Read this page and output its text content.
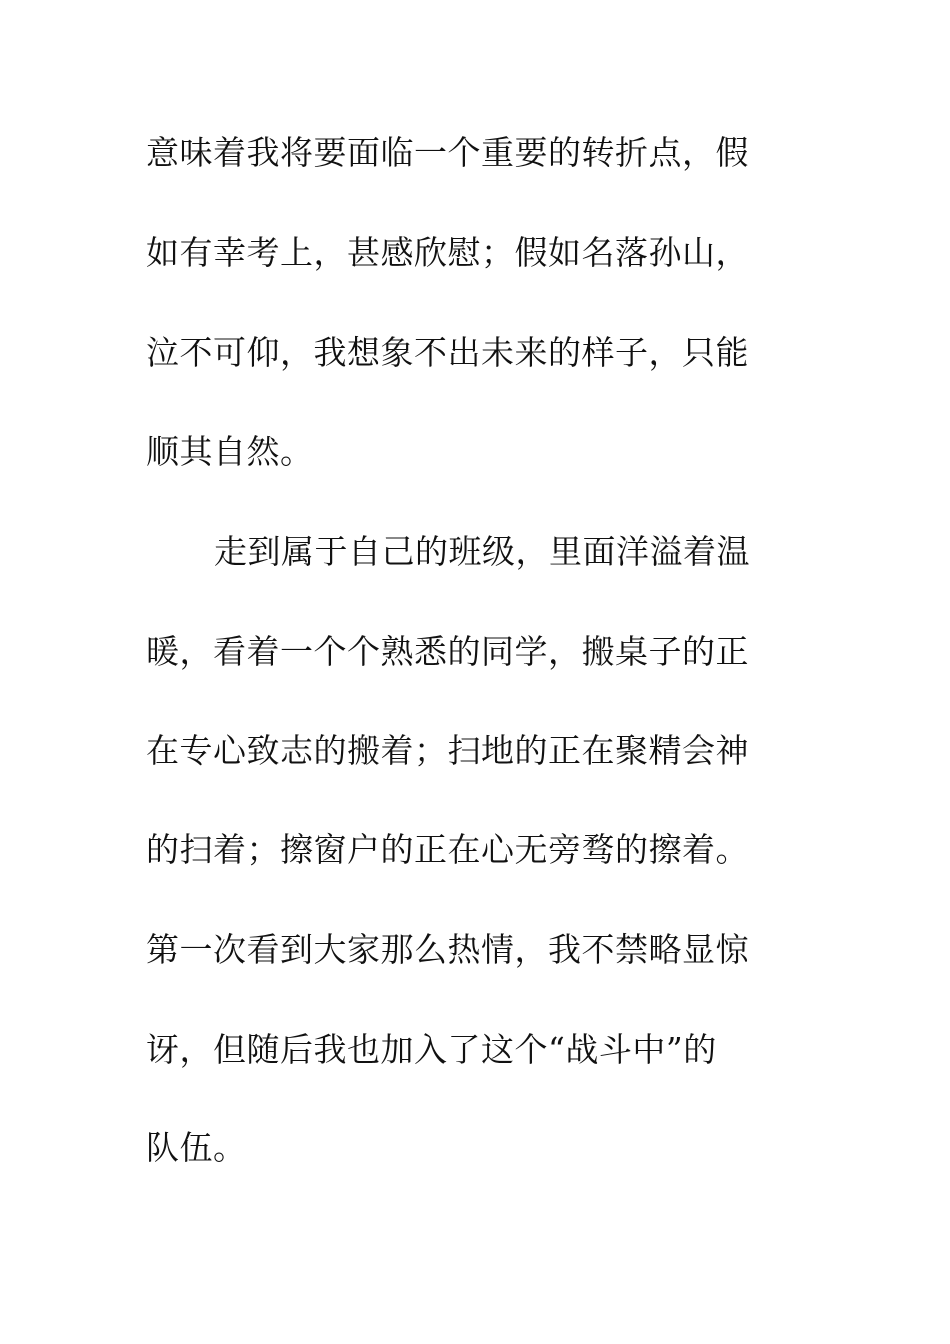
意味着我将要面临一个重要的转折点，假
如有幸考上，甚感欣慰；假如名落孙山，
泣不可仰，我想象不出未来的样子，只能
顺其自然。
走到属于自己的班级，里面洋溢着温
暖，看着一个个熟悉的同学，搬桌子的正
在专心致志的搬着；扫地的正在聚精会神
的扫着；擦窗户的正在心无旁骛的擦着。
第一次看到大家那么热情，我不禁略显惊
讶，但随后我也加入了这个“战斗中”的
队伍。
